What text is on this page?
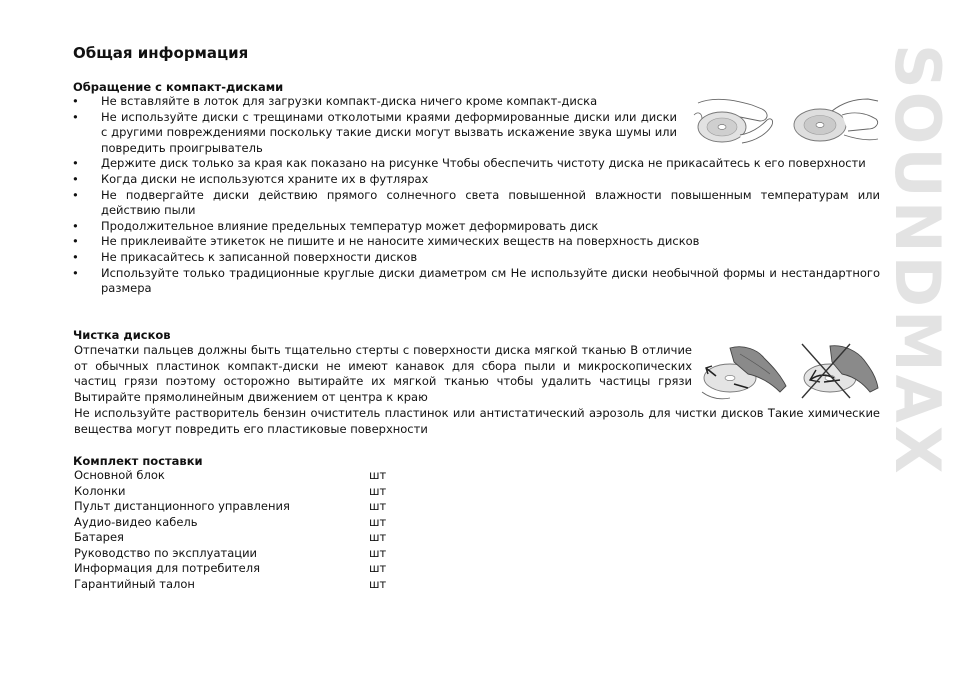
Общая информация
Обращение с компакт-дисками
• Не вставляйте в лоток для загрузки компакт-диска ничего кроме компакт-диска
• Не используйте диски с трещинами отколотыми краями деформированные диски или диски с другими повреждениями поскольку такие диски могут вызвать искажение звука шумы или повредить проигрыватель
• Держите диск только за края как показано на рисунке Чтобы обеспечить чистоту диска не прикасайтесь к его поверхности
• Когда диски не используются храните их в футлярах
• Не подвергайте диски действию прямого солнечного света повышенной влажности повышенным температурам или действию пыли
• Продолжительное влияние предельных температур может деформировать диск
• Не приклеивайте этикеток не пишите и не наносите химических веществ на поверхность дисков
• Не прикасайтесь к записанной поверхности дисков
• Используйте только традиционные круглые диски диаметром см Не используйте диски необычной формы и нестандартного размера
Чистка дисков

Отпечатки пальцев должны быть тщательно стерты с поверхности диска мягкой тканью В отличие от обычных пластинок компакт-диски не имеют канавок для сбора пыли и микроскопических частиц грязи поэтому осторожно вытирайте их мягкой тканью чтобы удалить частицы грязи Вытирайте прямолинейным движением от центра к краю

Не используйте растворитель бензин очиститель пластинок или антистатический аэрозоль для чистки дисков Такие химические вещества могут повредить его пластиковые поверхности

Комплект поставки
Основной блок	шт
Колонки	шт
Пульт дистанционного управления	шт
Аудио-видео кабель	шт
Батарея	шт
Руководство по эксплуатации	шт
Информация для потребителя	шт
Гарантийный талон	шт
SOUNDMAX
